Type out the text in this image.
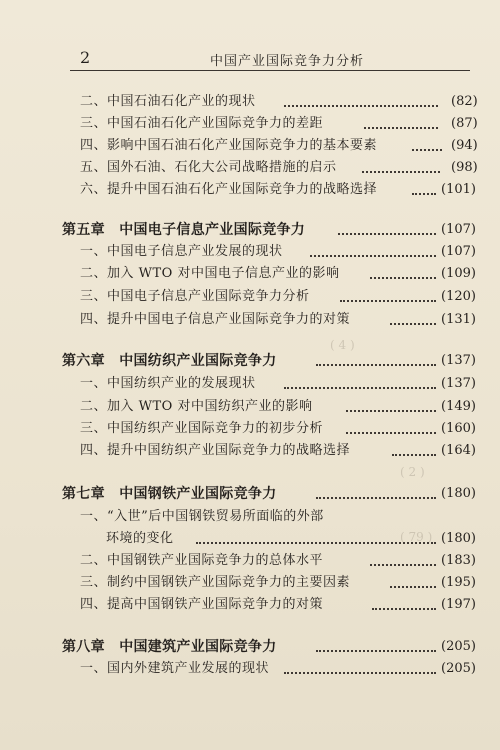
2	中国产业国际竞争力分析
( 4 )
( 2 )
( 79 )
二、中国石油石化产业的现状	(82)
三、中国石油石化产业国际竞争力的差距	(87)
四、影响中国石油石化产业国际竞争力的基本要素	(94)
五、国外石油、石化大公司战略措施的启示	(98)
六、提升中国石油石化产业国际竞争力的战略选择	(101)
第五章　中国电子信息产业国际竞争力	(107)
一、中国电子信息产业发展的现状	(107)
二、加入 WTO 对中国电子信息产业的影响	(109)
三、中国电子信息产业国际竞争力分析	(120)
四、提升中国电子信息产业国际竞争力的对策	(131)
第六章　中国纺织产业国际竞争力	(137)
一、中国纺织产业的发展现状	(137)
二、加入 WTO 对中国纺织产业的影响	(149)
三、中国纺织产业国际竞争力的初步分析	(160)
四、提升中国纺织产业国际竞争力的战略选择	(164)
第七章　中国钢铁产业国际竞争力	(180)
一、“入世”后中国钢铁贸易所面临的外部
环境的变化	(180)
二、中国钢铁产业国际竞争力的总体水平	(183)
三、制约中国钢铁产业国际竞争力的主要因素	(195)
四、提高中国钢铁产业国际竞争力的对策	(197)
第八章　中国建筑产业国际竞争力	(205)
一、国内外建筑产业发展的现状	(205)
